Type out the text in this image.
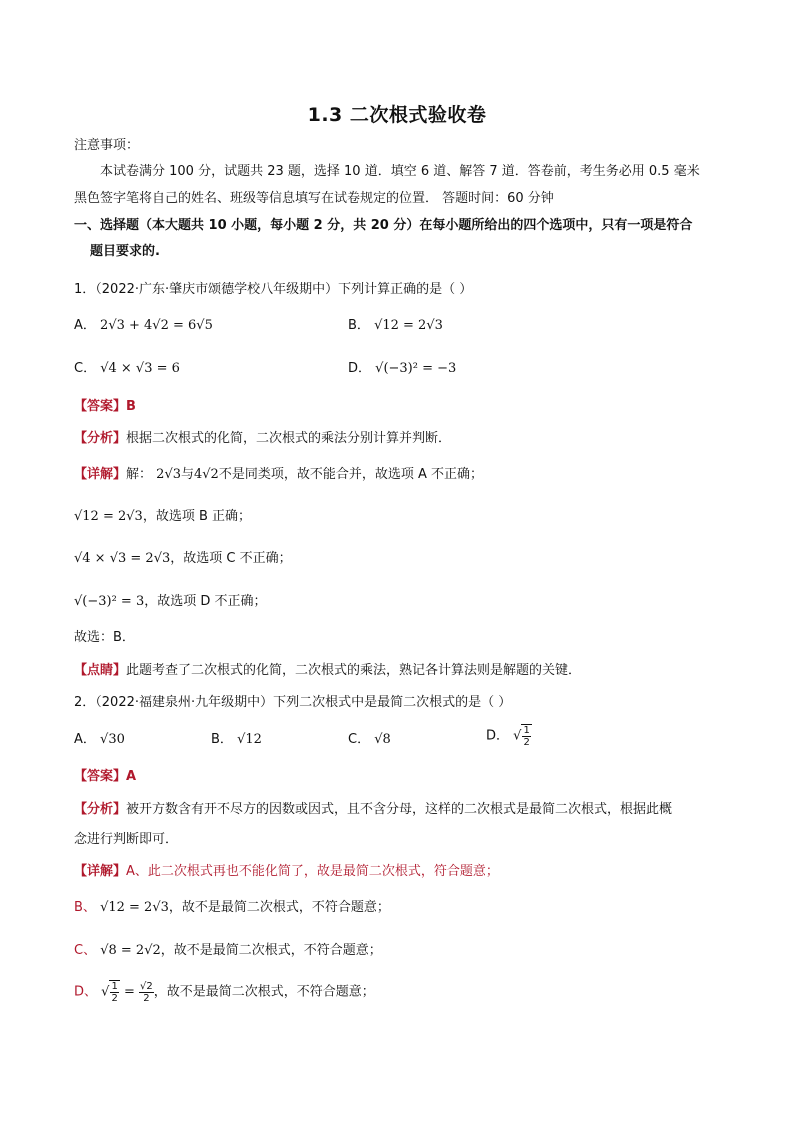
1.3 二次根式验收卷
注意事项：
本试卷满分 100 分，试题共 23 题，选择 10 道．填空 6 道、解答 7 道．答卷前，考生务必用 0.5 毫米
黑色签字笔将自己的姓名、班级等信息填写在试卷规定的位置． 答题时间：60 分钟
一、选择题（本大题共 10 小题，每小题 2 分，共 20 分）在每小题所给出的四个选项中，只有一项是符合
题目要求的.
1．（2022·广东·肇庆市颂德学校八年级期中）下列计算正确的是（ ）
A． 2√3 + 4√2 = 6√5	B． √12 = 2√3
C． √4 × √3 = 6	D． √(−3)² = −3
【答案】B
【分析】根据二次根式的化简，二次根式的乘法分别计算并判断．
【详解】解： 2√3与4√2不是同类项，故不能合并，故选项 A 不正确；
√12 = 2√3，故选项 B 正确；
√4 × √3 = 2√3，故选项 C 不正确；
√(−3)² = 3，故选项 D 不正确；
故选：B．
【点睛】此题考查了二次根式的化简，二次根式的乘法，熟记各计算法则是解题的关键．
2．（2022·福建泉州·九年级期中）下列二次根式中是最简二次根式的是（ ）
A． √30	B． √12	C． √8	D． √ $\frac{1}{2}$
【答案】A
【分析】被开方数含有开不尽方的因数或因式，且不含分母，这样的二次根式是最简二次根式，根据此概
念进行判断即可．
【详解】A、此二次根式再也不能化简了，故是最简二次根式，符合题意；
B、 √12 = 2√3，故不是最简二次根式，不符合题意；
C、 √8 = 2√2，故不是最简二次根式，不符合题意；
D、 √ $\frac{1}{2} = \frac{√2}{2}$ ，故不是最简二次根式，不符合题意；
